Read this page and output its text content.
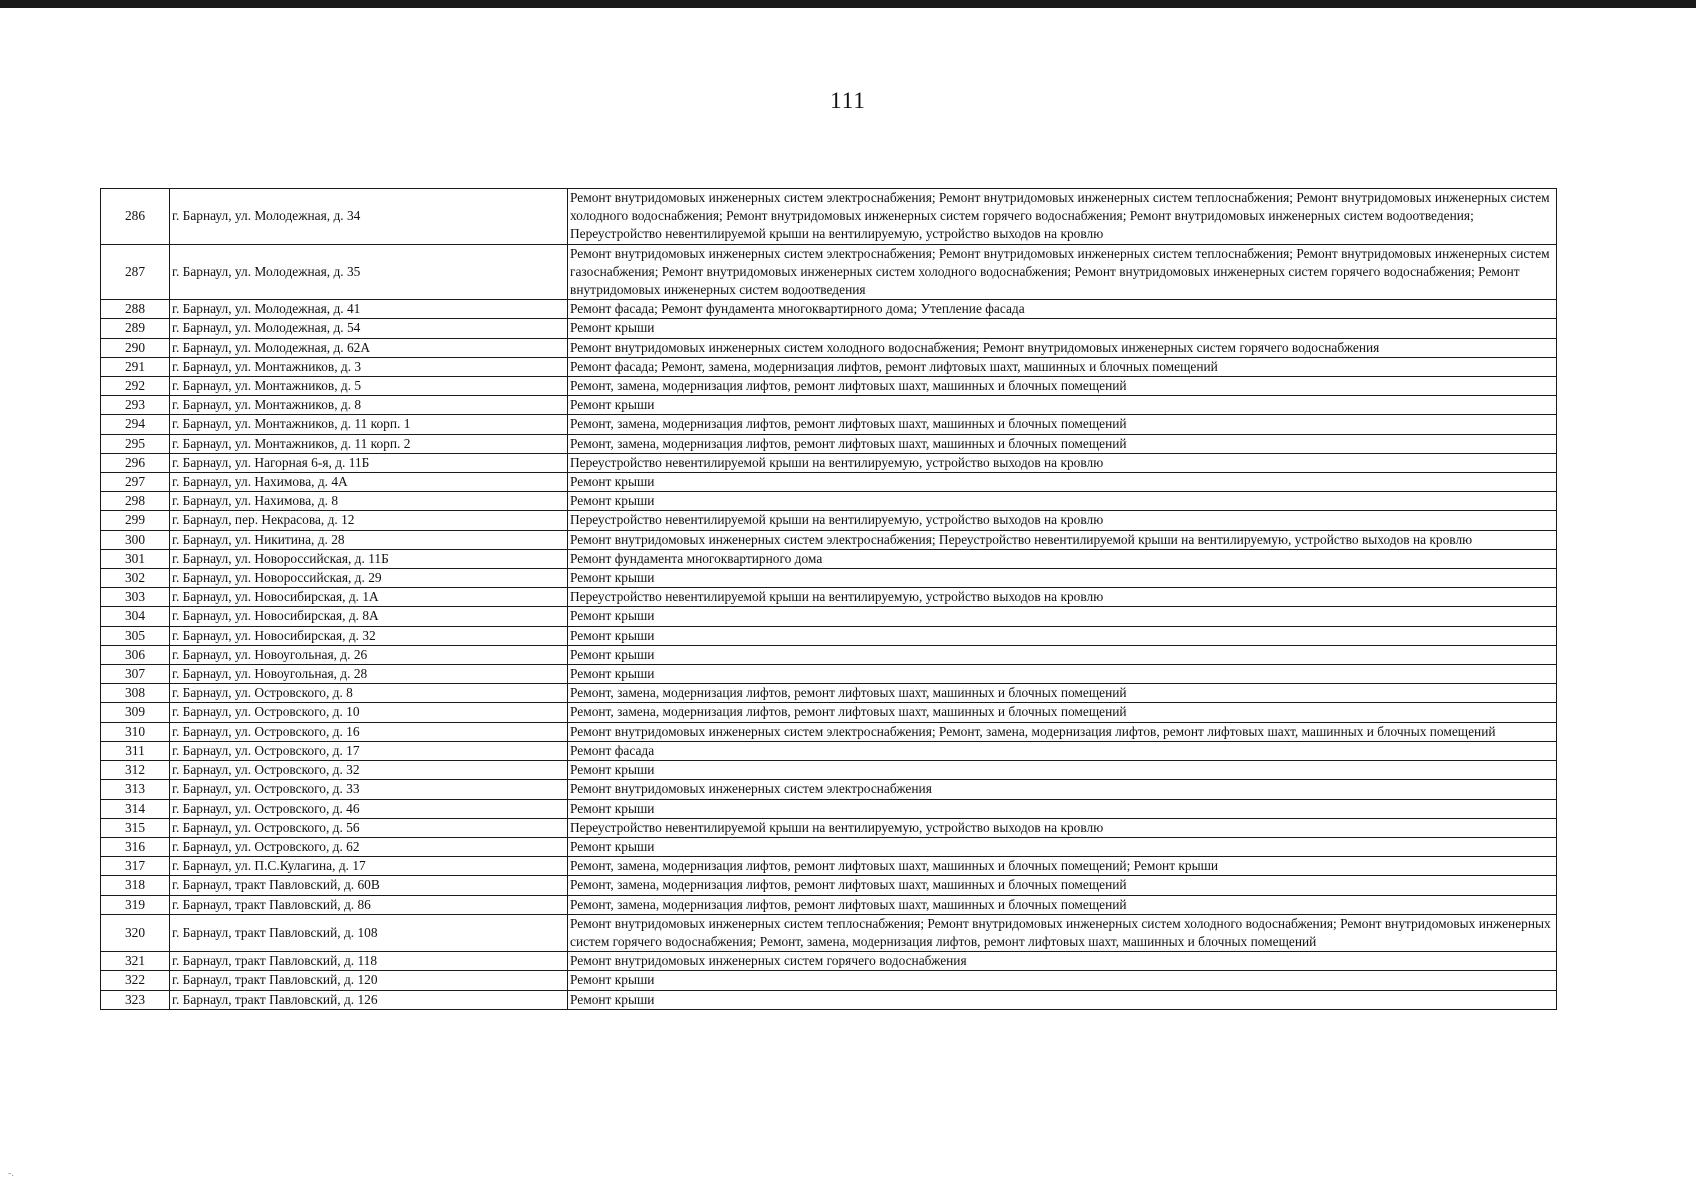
111
286	г. Барнаул, ул. Молодежная, д. 34	Ремонт внутридомовых инженерных систем электроснабжения; Ремонт внутридомовых инженерных систем теплоснабжения; Ремонт внутридомовых инженерных систем холодного водоснабжения; Ремонт внутридомовых инженерных систем горячего водоснабжения; Ремонт внутридомовых инженерных систем водоотведения; Переустройство невентилируемой крыши на вентилируемую, устройство выходов на кровлю
287	г. Барнаул, ул. Молодежная, д. 35	Ремонт внутридомовых инженерных систем электроснабжения; Ремонт внутридомовых инженерных систем теплоснабжения; Ремонт внутридомовых инженерных систем газоснабжения; Ремонт внутридомовых инженерных систем холодного водоснабжения; Ремонт внутридомовых инженерных систем горячего водоснабжения; Ремонт внутридомовых инженерных систем водоотведения
288	г. Барнаул, ул. Молодежная, д. 41	Ремонт фасада; Ремонт фундамента многоквартирного дома; Утепление фасада
289	г. Барнаул, ул. Молодежная, д. 54	Ремонт крыши
290	г. Барнаул, ул. Молодежная, д. 62А	Ремонт внутридомовых инженерных систем холодного водоснабжения; Ремонт внутридомовых инженерных систем горячего водоснабжения
291	г. Барнаул, ул. Монтажников, д. 3	Ремонт фасада; Ремонт, замена, модернизация лифтов, ремонт лифтовых шахт, машинных и блочных помещений
292	г. Барнаул, ул. Монтажников, д. 5	Ремонт, замена, модернизация лифтов, ремонт лифтовых шахт, машинных и блочных помещений
293	г. Барнаул, ул. Монтажников, д. 8	Ремонт крыши
294	г. Барнаул, ул. Монтажников, д. 11 корп. 1	Ремонт, замена, модернизация лифтов, ремонт лифтовых шахт, машинных и блочных помещений
295	г. Барнаул, ул. Монтажников, д. 11 корп. 2	Ремонт, замена, модернизация лифтов, ремонт лифтовых шахт, машинных и блочных помещений
296	г. Барнаул, ул. Нагорная 6-я, д. 11Б	Переустройство невентилируемой крыши на вентилируемую, устройство выходов на кровлю
297	г. Барнаул, ул. Нахимова, д. 4А	Ремонт крыши
298	г. Барнаул, ул. Нахимова, д. 8	Ремонт крыши
299	г. Барнаул, пер. Некрасова, д. 12	Переустройство невентилируемой крыши на вентилируемую, устройство выходов на кровлю
300	г. Барнаул, ул. Никитина, д. 28	Ремонт внутридомовых инженерных систем электроснабжения; Переустройство невентилируемой крыши на вентилируемую, устройство выходов на кровлю
301	г. Барнаул, ул. Новороссийская, д. 11Б	Ремонт фундамента многоквартирного дома
302	г. Барнаул, ул. Новороссийская, д. 29	Ремонт крыши
303	г. Барнаул, ул. Новосибирская, д. 1А	Переустройство невентилируемой крыши на вентилируемую, устройство выходов на кровлю
304	г. Барнаул, ул. Новосибирская, д. 8А	Ремонт крыши
305	г. Барнаул, ул. Новосибирская, д. 32	Ремонт крыши
306	г. Барнаул, ул. Новоугольная, д. 26	Ремонт крыши
307	г. Барнаул, ул. Новоугольная, д. 28	Ремонт крыши
308	г. Барнаул, ул. Островского, д. 8	Ремонт, замена, модернизация лифтов, ремонт лифтовых шахт, машинных и блочных помещений
309	г. Барнаул, ул. Островского, д. 10	Ремонт, замена, модернизация лифтов, ремонт лифтовых шахт, машинных и блочных помещений
310	г. Барнаул, ул. Островского, д. 16	Ремонт внутридомовых инженерных систем электроснабжения; Ремонт, замена, модернизация лифтов, ремонт лифтовых шахт, машинных и блочных помещений
311	г. Барнаул, ул. Островского, д. 17	Ремонт фасада
312	г. Барнаул, ул. Островского, д. 32	Ремонт крыши
313	г. Барнаул, ул. Островского, д. 33	Ремонт внутридомовых инженерных систем электроснабжения
314	г. Барнаул, ул. Островского, д. 46	Ремонт крыши
315	г. Барнаул, ул. Островского, д. 56	Переустройство невентилируемой крыши на вентилируемую, устройство выходов на кровлю
316	г. Барнаул, ул. Островского, д. 62	Ремонт крыши
317	г. Барнаул, ул. П.С.Кулагина, д. 17	Ремонт, замена, модернизация лифтов, ремонт лифтовых шахт, машинных и блочных помещений; Ремонт крыши
318	г. Барнаул, тракт Павловский, д. 60В	Ремонт, замена, модернизация лифтов, ремонт лифтовых шахт, машинных и блочных помещений
319	г. Барнаул, тракт Павловский, д. 86	Ремонт, замена, модернизация лифтов, ремонт лифтовых шахт, машинных и блочных помещений
320	г. Барнаул, тракт Павловский, д. 108	Ремонт внутридомовых инженерных систем теплоснабжения; Ремонт внутридомовых инженерных систем холодного водоснабжения; Ремонт внутридомовых инженерных систем горячего водоснабжения; Ремонт, замена, модернизация лифтов, ремонт лифтовых шахт, машинных и блочных помещений
321	г. Барнаул, тракт Павловский, д. 118	Ремонт внутридомовых инженерных систем горячего водоснабжения
322	г. Барнаул, тракт Павловский, д. 120	Ремонт крыши
323	г. Барнаул, тракт Павловский, д. 126	Ремонт крыши
-.
